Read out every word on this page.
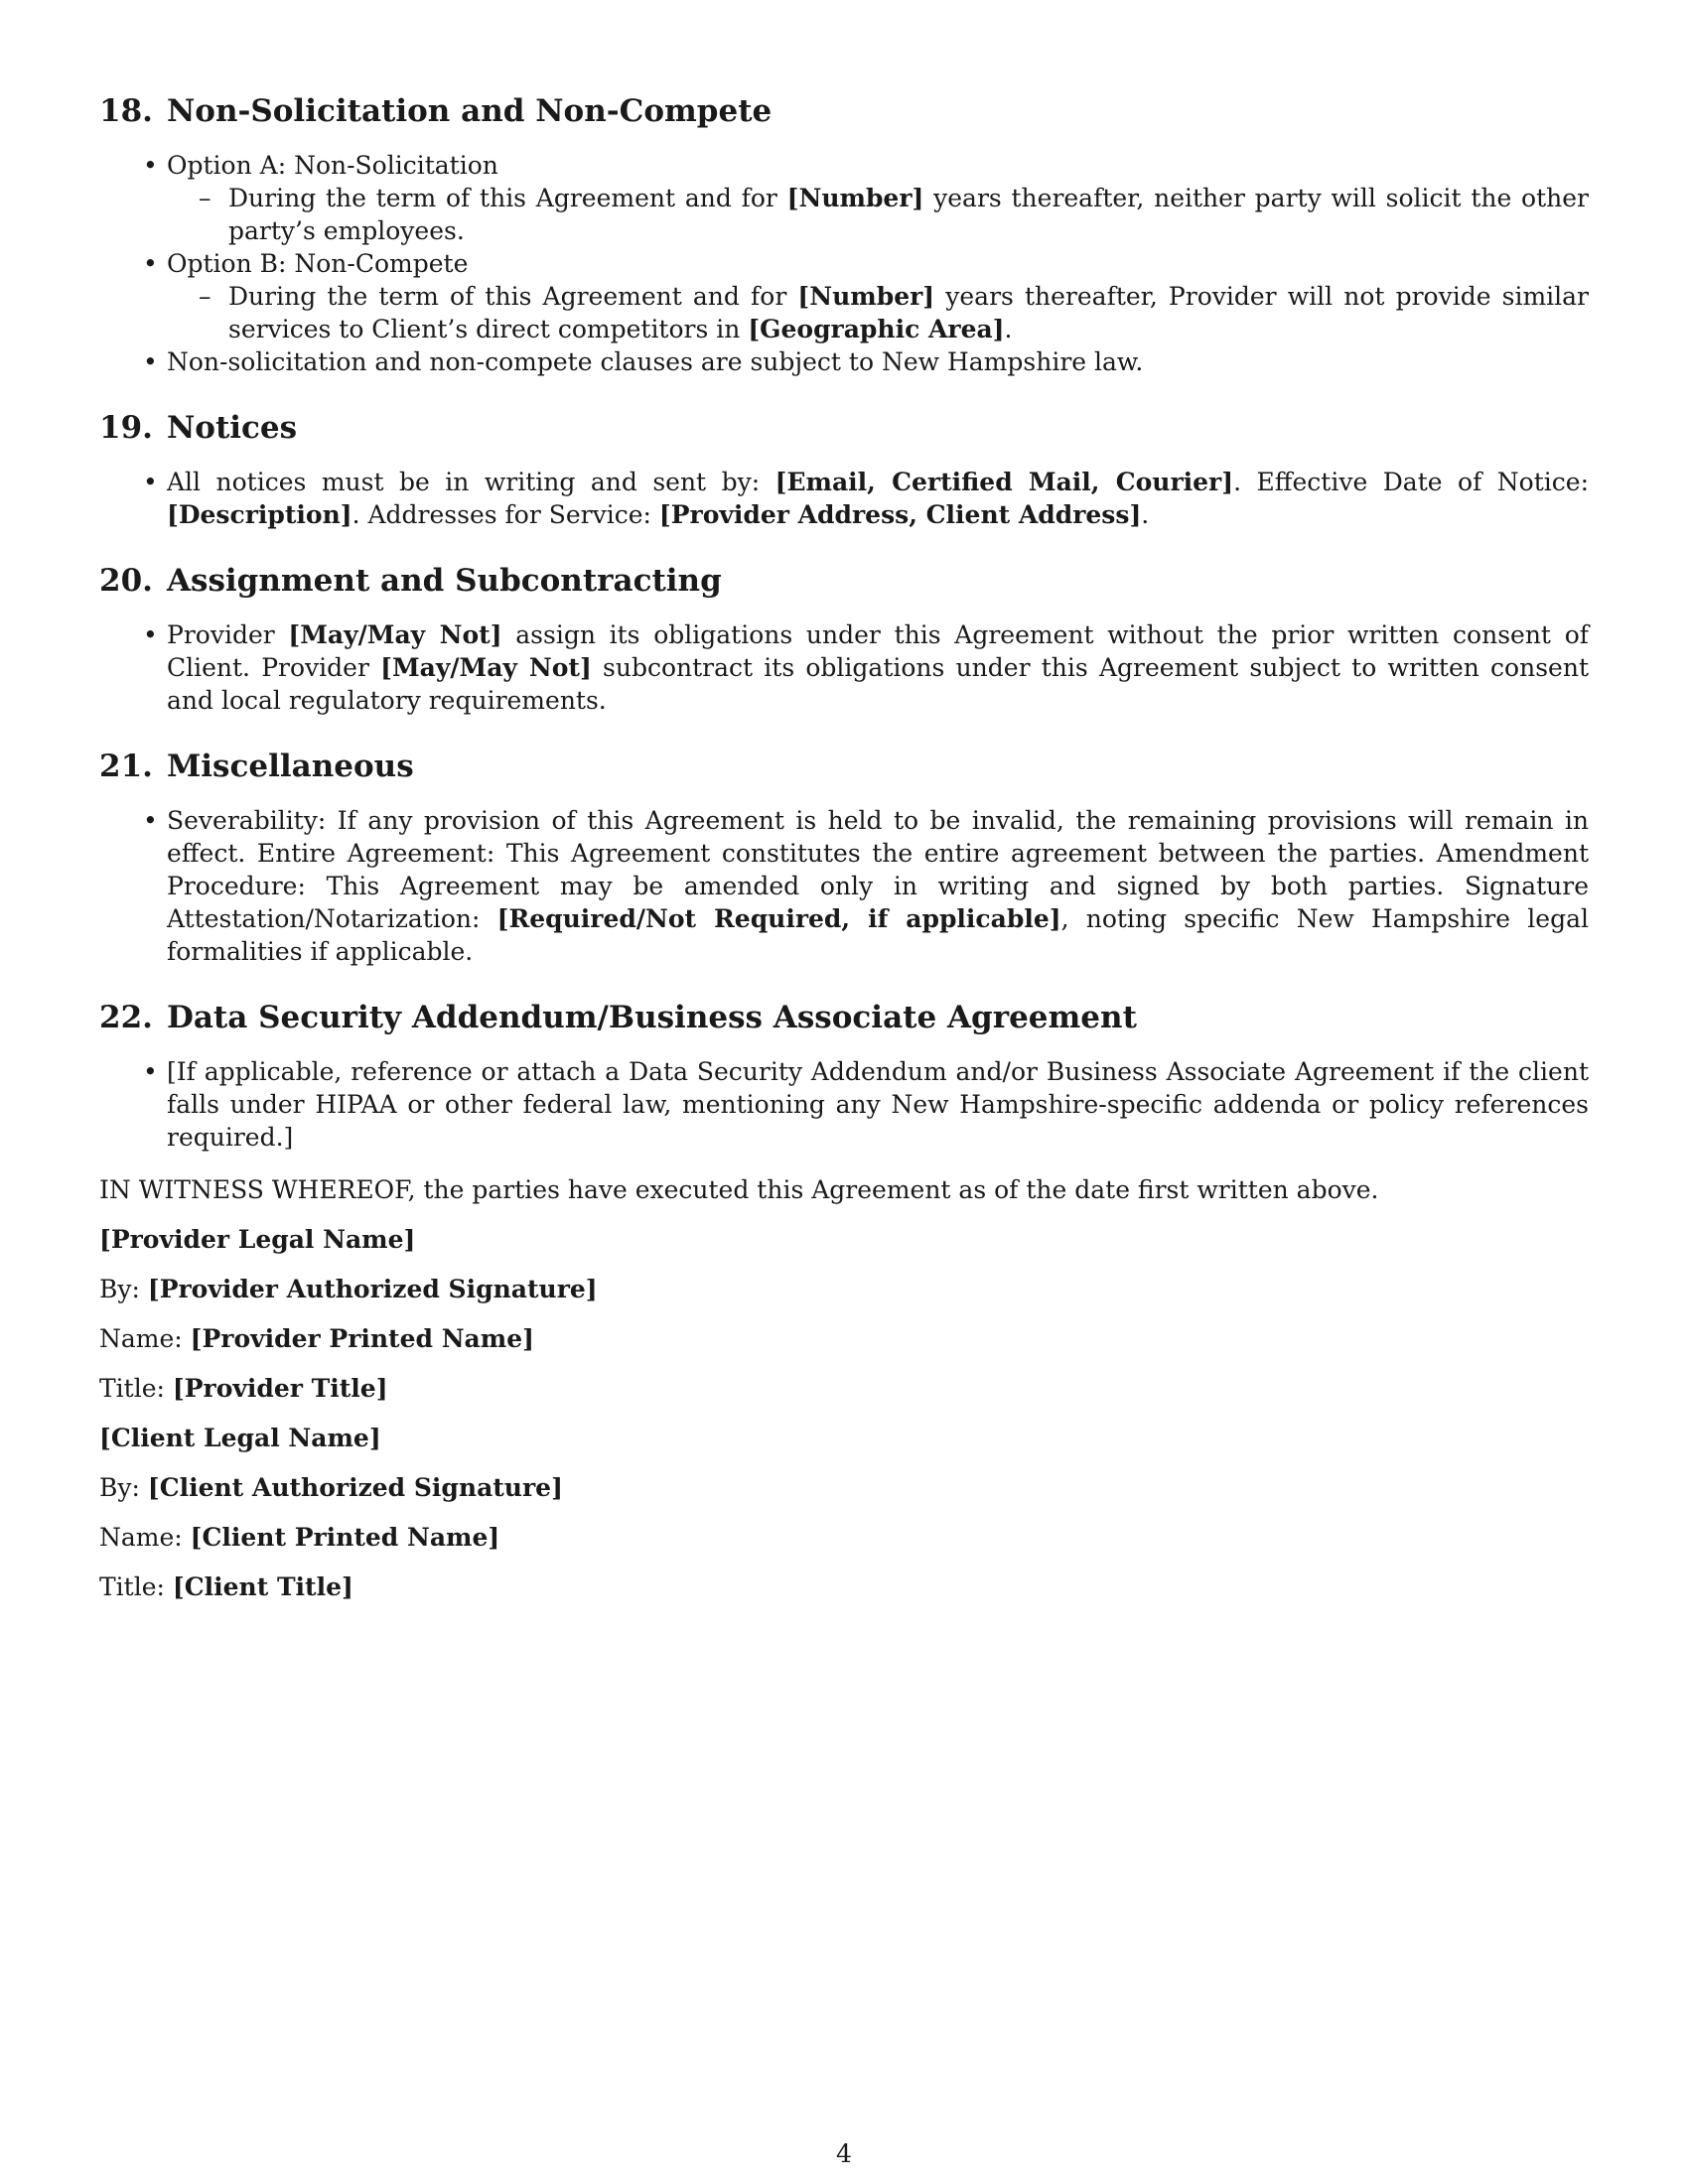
18. Non-Solicitation and Non-Compete
• Option A: Non-Solicitation
– During the term of this Agreement and for [Number] years thereafter, neither party will solicit the other party’s employees.
• Option B: Non-Compete
– During the term of this Agreement and for [Number] years thereafter, Provider will not provide similar services to Client’s direct competitors in [Geographic Area].
• Non-solicitation and non-compete clauses are subject to New Hampshire law.
19. Notices
• All notices must be in writing and sent by: [Email, Certified Mail, Courier]. Effective Date of Notice: [Description]. Addresses for Service: [Provider Address, Client Address].
20. Assignment and Subcontracting
• Provider [May/May Not] assign its obligations under this Agreement without the prior written consent of Client. Provider [May/May Not] subcontract its obligations under this Agreement subject to written consent and local regulatory requirements.
21. Miscellaneous
• Severability: If any provision of this Agreement is held to be invalid, the remaining provisions will remain in effect. Entire Agreement: This Agreement constitutes the entire agreement between the parties. Amendment Procedure: This Agreement may be amended only in writing and signed by both parties. Signature Attestation/Notarization: [Required/Not Required, if applicable], noting specific New Hampshire legal formalities if applicable.
22. Data Security Addendum/Business Associate Agreement
• [If applicable, reference or attach a Data Security Addendum and/or Business Associate Agreement if the client falls under HIPAA or other federal law, mentioning any New Hampshire-specific addenda or policy references required.]

IN WITNESS WHEREOF, the parties have executed this Agreement as of the date first written above.

[Provider Legal Name]

By: [Provider Authorized Signature]

Name: [Provider Printed Name]

Title: [Provider Title]

[Client Legal Name]

By: [Client Authorized Signature]

Name: [Client Printed Name]

Title: [Client Title]

4
